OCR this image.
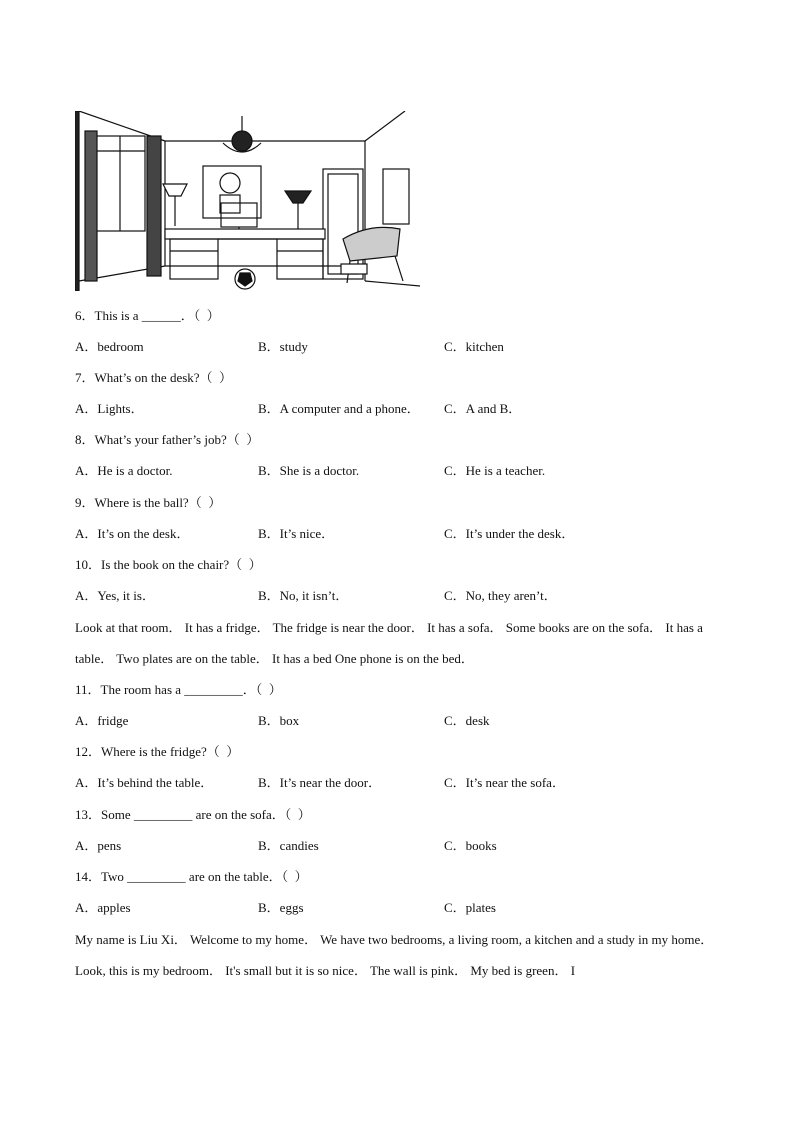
6．This is a ______．（  ）
A．bedroom	B．study	C．kitchen
7．What’s on the desk?（  ）
A．Lights．	B．A computer and a phone． C．A and B．
8．What’s your father’s job?（  ）
A．He is a doctor.	B．She is a doctor.	C．He is a teacher.
9．Where is the ball?（  ）
A．It’s on the desk．	B．It’s nice．	C．It’s under the desk．
10．Is the book on the chair?（  ）
A．Yes, it is．	B．No, it isn’t．	C．No, they aren’t．
Look at that room． It has a fridge． The fridge is near the door． It has a sofa． Some books are on the sofa． It has a table． Two plates are on the table． It has a bed One phone is on the bed．
11．The room has a _________．（  ）
A．fridge	B．box	C．desk
12．Where is the fridge?（  ）
A．It’s behind the table．	B．It’s near the door．	C．It’s near the sofa．
13．Some _________ are on the sofa．（  ）
A．pens	B．candies	C．books
14．Two _________ are on the table．（  ）
A．apples	B．eggs	C．plates
My name is Liu Xi． Welcome to my home． We have two bedrooms, a living room, a kitchen and a study in my home． Look, this is my bedroom． It's small but it is so nice． The wall is pink． My bed is green． I
